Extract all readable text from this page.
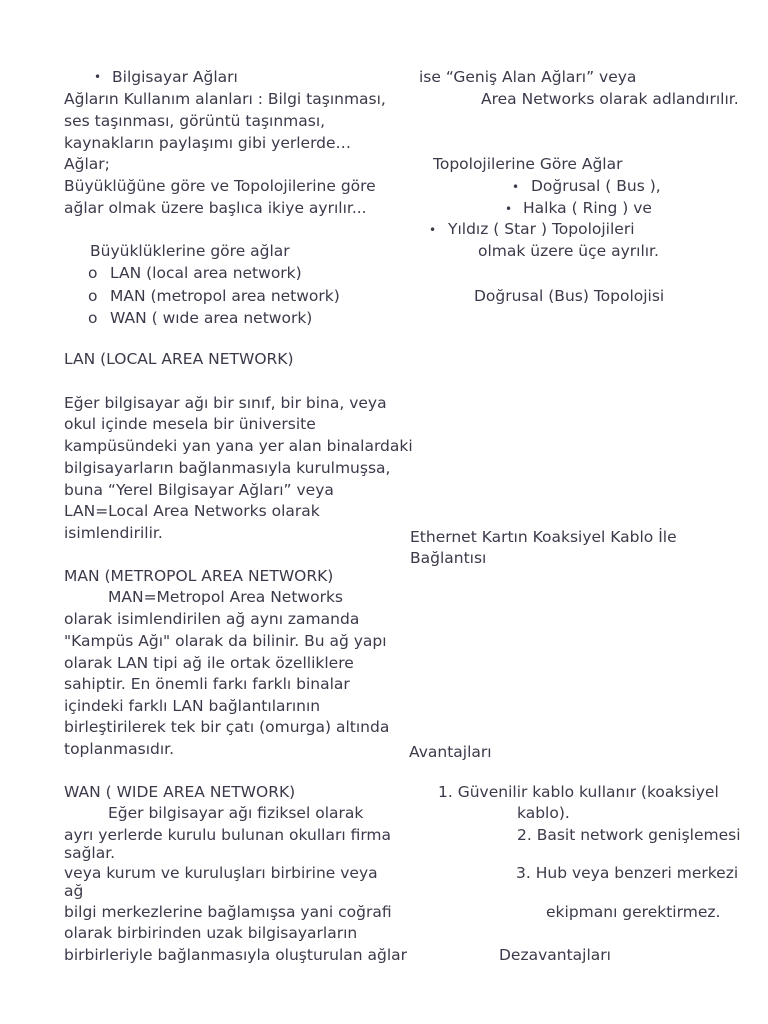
• Bilgisayar Ağları
Ağların Kullanım alanları : Bilgi taşınması,
ses taşınması, görüntü taşınması,
kaynakların paylaşımı gibi yerlerde…
Ağlar;
Büyüklüğüne göre ve Topolojilerine göre
ağlar olmak üzere başlıca ikiye ayrılır...
Büyüklüklerine göre ağlar
o LAN (local area network)
o MAN (metropol area network)
o WAN ( wıde area network)
LAN (LOCAL AREA NETWORK)
Eğer bilgisayar ağı bir sınıf, bir bina, veya
okul içinde mesela bir üniversite
kampüsündeki yan yana yer alan binalardaki
bilgisayarların bağlanmasıyla kurulmuşsa,
buna “Yerel Bilgisayar Ağları” veya
LAN=Local Area Networks olarak
isimlendirilir.
MAN (METROPOL AREA NETWORK)
MAN=Metropol Area Networks
olarak isimlendirilen ağ aynı zamanda
"Kampüs Ağı" olarak da bilinir. Bu ağ yapı
olarak LAN tipi ağ ile ortak özelliklere
sahiptir. En önemli farkı farklı binalar
içindeki farklı LAN bağlantılarının
birleştirilerek tek bir çatı (omurga) altında
toplanmasıdır.
WAN ( WIDE AREA NETWORK)
Eğer bilgisayar ağı fiziksel olarak
ayrı yerlerde kurulu bulunan okulları firma
sağlar.
veya kurum ve kuruluşları birbirine veya
ağ
bilgi merkezlerine bağlamışsa yani coğrafi
olarak birbirinden uzak bilgisayarların
birbirleriyle bağlanmasıyla oluşturulan ağlar
ise “Geniş Alan Ağları” veya
Area Networks olarak adlandırılır.
Topolojilerine Göre Ağlar
• Doğrusal ( Bus ),
• Halka ( Ring ) ve
• Yıldız ( Star ) Topolojileri
olmak üzere üçe ayrılır.
Doğrusal (Bus) Topolojisi
Ethernet Kartın Koaksiyel Kablo İle
Bağlantısı
Avantajları
1. Güvenilir kablo kullanır (koaksiyel
kablo).
2. Basit network genişlemesi
3. Hub veya benzeri merkezi
ekipmanı gerektirmez.
Dezavantajları
